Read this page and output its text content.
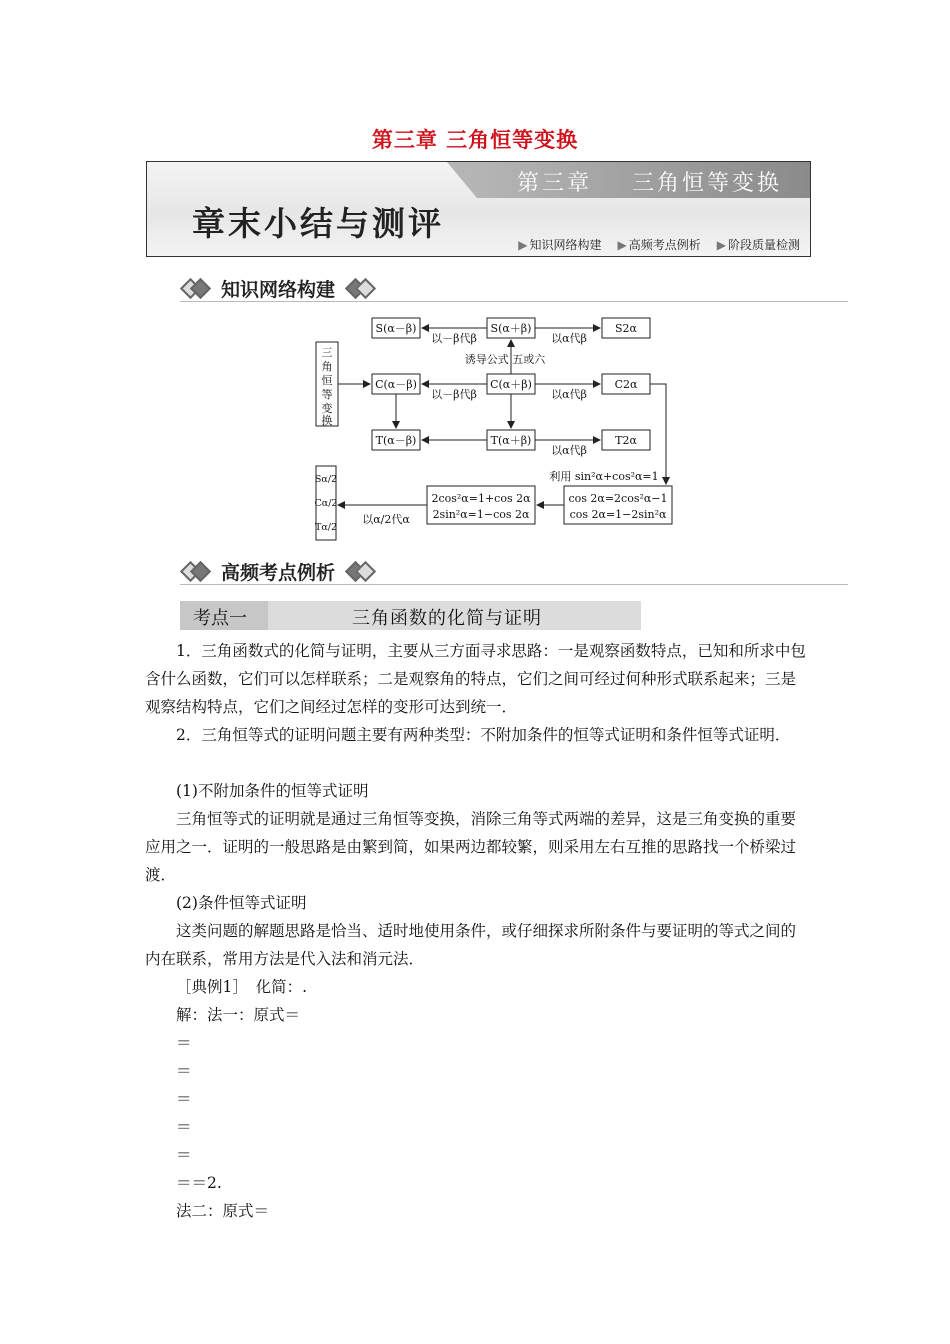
第三章 三角恒等变换
第三章    三角恒等变换
章末小结与测评
▶ 知识网络构建 ▶ 高频考点例析 ▶ 阶段质量检测
知识网络构建
三
角
恒
等
变
换
S(α－β)	S(α＋β)	S2α
C(α－β)	C(α＋β)	C2α
T(α－β)	T(α＋β)	T2α
Sα/2
Cα/2
Tα/2
以－β代β	以α代β
诱导公式 五或六
以－β代β	以α代β
以α代β
利用 sin²α+cos²α=1
以α/2代α
cos 2α=2cos²α−1
cos 2α=1−2sin²α
2cos²α=1+cos 2α
2sin²α=1−cos 2α
高频考点例析
考点一	三角函数的化简与证明
1．三角函数式的化简与证明，主要从三方面寻求思路：一是观察函数特点，已知和所求中包含什么函数，它们可以怎样联系；二是观察角的特点，它们之间可经过何种形式联系起来；三是观察结构特点，它们之间经过怎样的变形可达到统一．
2．三角恒等式的证明问题主要有两种类型：不附加条件的恒等式证明和条件恒等式证明．
(1)不附加条件的恒等式证明
三角恒等式的证明就是通过三角恒等变换，消除三角等式两端的差异，这是三角变换的重要应用之一．证明的一般思路是由繁到简，如果两边都较繁，则采用左右互推的思路找一个桥梁过渡．
(2)条件恒等式证明
这类问题的解题思路是恰当、适时地使用条件，或仔细探求所附条件与要证明的等式之间的内在联系，常用方法是代入法和消元法．
［典例1］　化简：.
解：法一：原式＝
＝
＝
＝
＝
＝
＝＝2.
法二：原式＝
